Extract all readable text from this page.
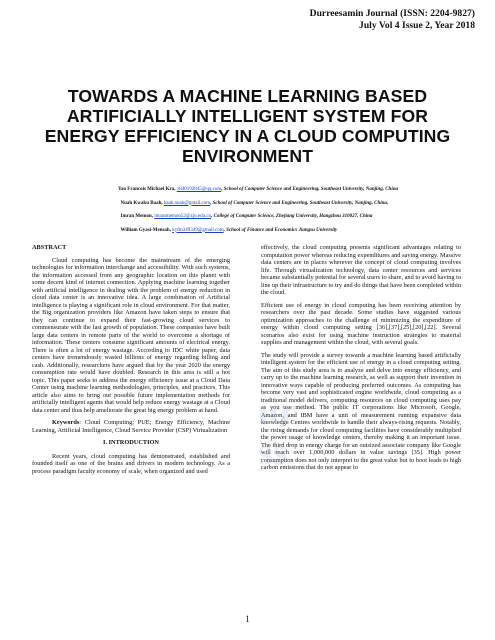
Durreesamin Journal (ISSN: 2204-9827)
July Vol 4 Issue 2, Year 2018
TOWARDS A MACHINE LEARNING BASED ARTIFICIALLY INTELLIGENT SYSTEM FOR ENERGY EFFICIENCY IN A CLOUD COMPUTING ENVIRONMENT
Yao Francois Michael Kra, 1840192845@qq.com, School of Computer Science and Engineering, Southeast University, Nanjing, China
Nuah Kwaku Baah, baah.nuah@gmail.com, School of Computer Science and Engineering, Southeast University, Nanjing, China,
Imran Memon, imranmemon52@zju.edu.cn, College of Computer Science, Zhejiang University, Hangzhou 310027, China
William Gyasi-Mensah, kyfm349349@gmail.com, School of Finance and Economics Jiangsu University

ABSTRACT

Cloud computing has become the mainstream of the emerging technologies for information interchange and accessibility. With such systems, the information accessed from any geographic location on this planet with some decent kind of internet connection. Applying machine learning together with artificial intelligence in dealing with the problem of energy reduction in cloud data center is an innovative idea. A large combination of Artificial intelligence is playing a significant role in cloud environment. For that matter, the Big organization providers like Amazon have taken steps to ensure that they can continue to expand their fast-growing cloud services to commensurate with the fast growth of population. These companies have built large data centers in remote parts of the world to overcome a shortage of information. These centers consume significant amounts of electrical energy. There is often a lot of energy wastage. According to IDC white paper, data centers have tremendously wasted billions of energy regarding billing and cash. Additionally, researchers have argued that by the year 2020 the energy consumption rate would have doubled. Research in this area is still a hot topic. This paper seeks to address the energy efficiency issue at a Cloud Data Center using machine learning methodologies, principles, and practices. This article also aims to bring out possible future implementation methods for artificially intelligent agents that would help reduce energy wastage at a Cloud data center and thus help ameliorate the great big energy problem at hand.

Keywords: Cloud Computing; PUE; Energy Efficiency, Machine Learning, Artificial Intelligence, Cloud Service Provider (CSP) Virtualization

I. INTRODUCTION

Recent years, cloud computing has demonstrated, established and founded itself as one of the brains and drivers in modern technology. As a process paradigm faculty economy of scale, when organized and used

effectively, the cloud computing presents significant advantages relating to computation power whereas reducing expenditures and saving energy. Massive data centers are in places wherever the concept of cloud computing involves life. Through virtualization technology, data center resources and services became substantially potential for several users to share, and to avoid having to line up their infrastructure to try and do things that have been completed within the cloud.

Efficient use of energy in cloud computing has been receiving attention by researchers over the past decade. Some studies have suggested various optimization approaches to the challenge of minimizing the expenditure of energy within cloud computing setting [36],[37],[25],[20],[22]. Several scenarios also exist for using machine instruction strategies to material supplies and management within the cloud, with several goals.

The study will provide a survey towards a machine learning based artificially intelligent system for the efficient use of energy in a cloud computing setting. The aim of this study area is to analyze and delve into energy efficiency, and carry up to the machine learning research, as well as support their invention in innovative ways capable of producing preferred outcomes. As computing has become very vast and sophisticated engine worldwide, cloud computing as a traditional model delivers, computing resources on cloud computing uses pay as you use method. The public IT corporations like Microsoft, Google, Amazon, and IBM have a unit of measurement running expansive data knowledge Centres worldwide to handle their always-rising requests. Notably, the rising demands for cloud computing facilities have considerably multiplied the power usage of knowledge centers, thereby making it an important issue. The third drop in energy charge for an outsized associate company like Google will reach over 1,000,000 dollars in value savings [35]. High power consumption does not only interpret to the great value but to boot leads to high carbon emissions that do not appear to

ur
ss
1
